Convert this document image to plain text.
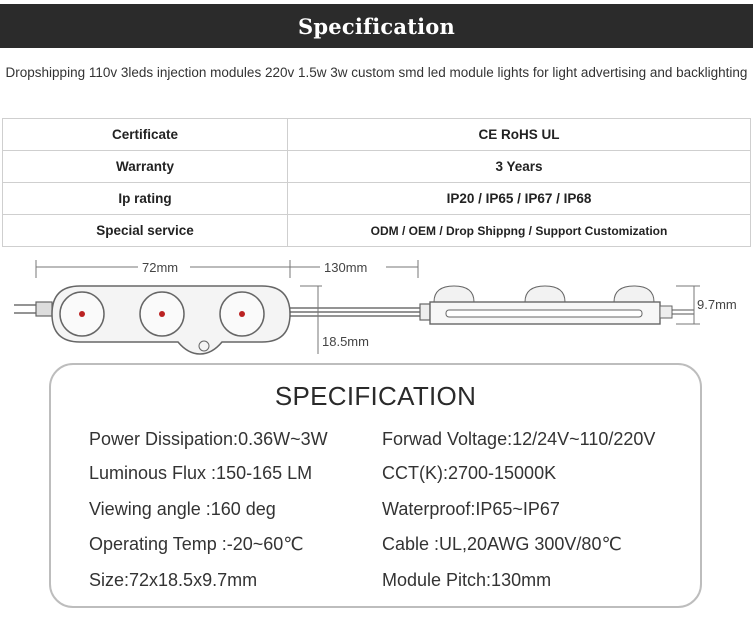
Specification
Dropshipping 110v 3leds injection modules 220v 1.5w 3w custom smd led module lights for light advertising and backlighting
Certificate	CE RoHS UL
Warranty	3 Years
Ip rating	IP20 / IP65 / IP67 / IP68
Special service	ODM / OEM / Drop Shippng / Support Customization
72mm	130mm
18.5mm
9.7mm
SPECIFICATION
Power Dissipation:0.36W~3W
Luminous Flux :150-165 LM
Viewing angle :160 deg
Operating Temp :-20~60℃
Size:72x18.5x9.7mm
Forwad Voltage:12/24V~110/220V
CCT(K):2700-15000K
Waterproof:IP65~IP67
Cable :UL,20AWG 300V/80℃
Module Pitch:130mm
